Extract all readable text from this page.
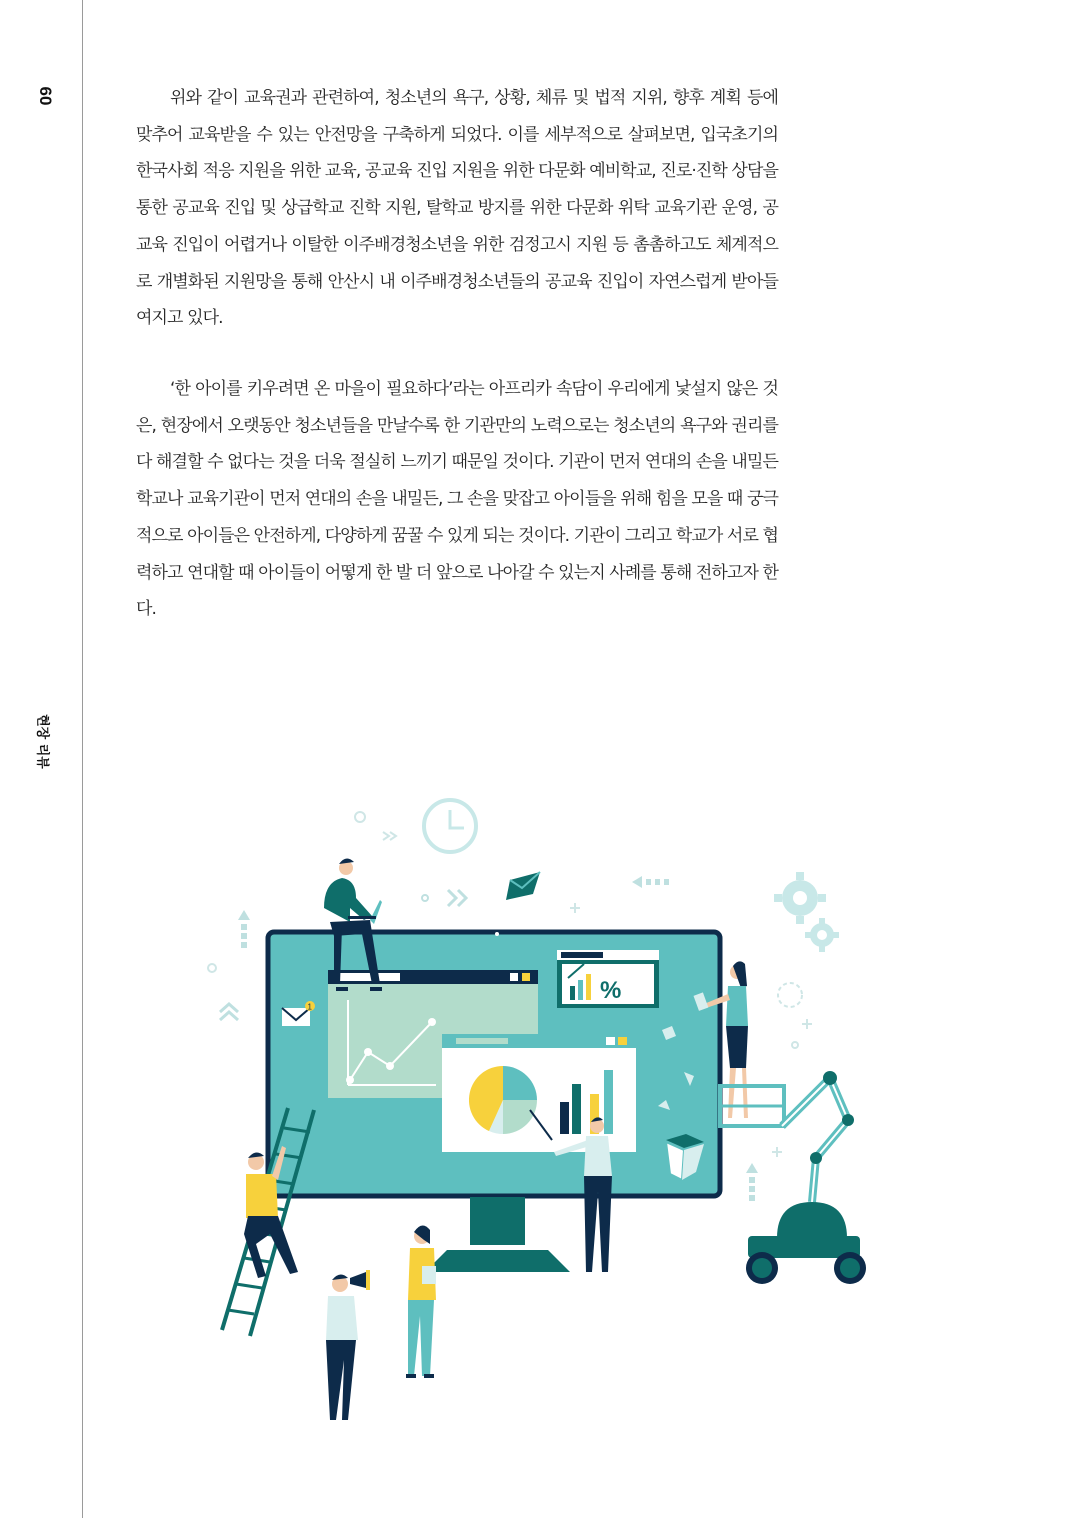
60
현장 리뷰

위와 같이 교육권과 관련하여, 청소년의 욕구, 상황, 체류 및 법적 지위, 향후 계획 등에 맞추어 교육받을 수 있는 안전망을 구축하게 되었다. 이를 세부적으로 살펴보면, 입국초기의 한국사회 적응 지원을 위한 교육, 공교육 진입 지원을 위한 다문화 예비학교, 진로·진학 상담을 통한 공교육 진입 및 상급학교 진학 지원, 탈학교 방지를 위한 다문화 위탁 교육기관 운영, 공교육 진입이 어렵거나 이탈한 이주배경청소년을 위한 검정고시 지원 등 촘촘하고도 체계적으로 개별화된 지원망을 통해 안산시 내 이주배경청소년들의 공교육 진입이 자연스럽게 받아들여지고 있다.

‘한 아이를 키우려면 온 마을이 필요하다’라는 아프리카 속담이 우리에게 낯설지 않은 것은, 현장에서 오랫동안 청소년들을 만날수록 한 기관만의 노력으로는 청소년의 욕구와 권리를 다 해결할 수 없다는 것을 더욱 절실히 느끼기 때문일 것이다. 기관이 먼저 연대의 손을 내밀든 학교나 교육기관이 먼저 연대의 손을 내밀든, 그 손을 맞잡고 아이들을 위해 힘을 모을 때 궁극적으로 아이들은 안전하게, 다양하게 꿈꿀 수 있게 되는 것이다. 기관이 그리고 학교가 서로 협력하고 연대할 때 아이들이 어떻게 한 발 더 앞으로 나아갈 수 있는지 사례를 통해 전하고자 한다.

%
1
